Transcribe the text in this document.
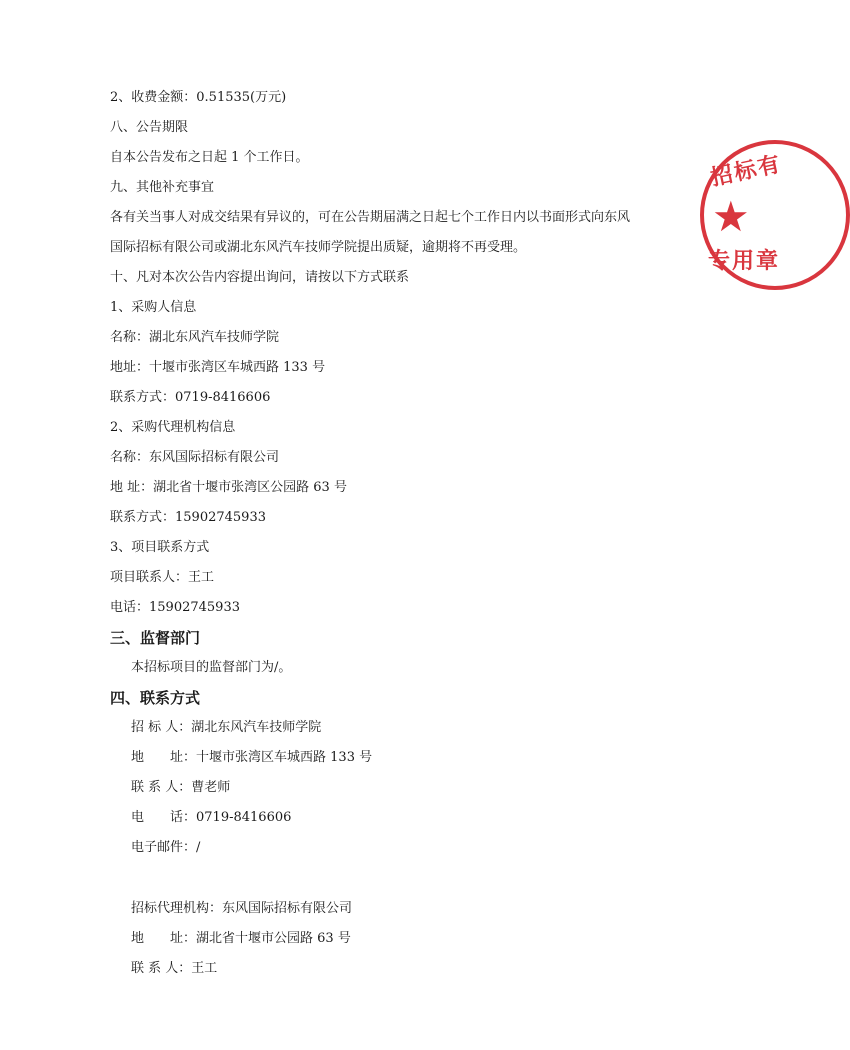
2、收费金额：0.51535(万元)
八、公告期限
自本公告发布之日起 1 个工作日。
九、其他补充事宜
各有关当事人对成交结果有异议的，可在公告期届满之日起七个工作日内以书面形式向东风
国际招标有限公司或湖北东风汽车技师学院提出质疑，逾期将不再受理。
十、凡对本次公告内容提出询问，请按以下方式联系
1、采购人信息
名称：湖北东风汽车技师学院
地址：十堰市张湾区车城西路 133 号
联系方式：0719-8416606
2、采购代理机构信息
名称：东风国际招标有限公司
地 址：湖北省十堰市张湾区公园路 63 号
联系方式：15902745933
3、项目联系方式
项目联系人：王工
电话：15902745933
三、监督部门
本招标项目的监督部门为/。
四、联系方式
招 标 人：湖北东风汽车技师学院
地　　址：十堰市张湾区车城西路 133 号
联 系 人：曹老师
电　　话：0719-8416606
电子邮件：/
招标代理机构：东风国际招标有限公司
地　　址：湖北省十堰市公园路 63 号
联 系 人：王工
招标有
★
专用章
